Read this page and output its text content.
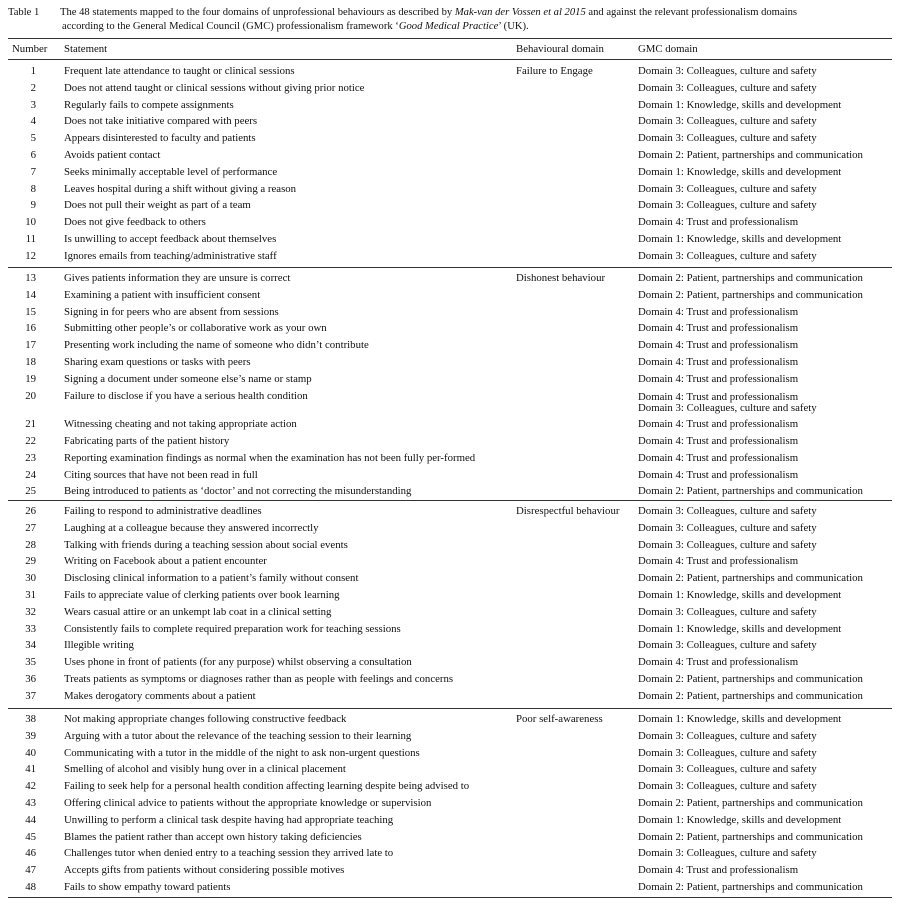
Table 1 The 48 statements mapped to the four domains of unprofessional behaviours as described by Mak-van der Vossen et al 2015 and against the relevant professionalism domains
according to the General Medical Council (GMC) professionalism framework ‘Good Medical Practice’ (UK).
Number Statement	Behavioural domain	GMC domain
1	Frequent late attendance to taught or clinical sessions	Failure to Engage	Domain 3: Colleagues, culture and safety
2	Does not attend taught or clinical sessions without giving prior notice	Domain 3: Colleagues, culture and safety
3	Regularly fails to compete assignments	Domain 1: Knowledge, skills and development
4	Does not take initiative compared with peers	Domain 3: Colleagues, culture and safety
5	Appears disinterested to faculty and patients	Domain 3: Colleagues, culture and safety
6	Avoids patient contact	Domain 2: Patient, partnerships and communication
7	Seeks minimally acceptable level of performance	Domain 1: Knowledge, skills and development
8	Leaves hospital during a shift without giving a reason	Domain 3: Colleagues, culture and safety
9	Does not pull their weight as part of a team	Domain 3: Colleagues, culture and safety
10	Does not give feedback to others	Domain 4: Trust and professionalism
11	Is unwilling to accept feedback about themselves	Domain 1: Knowledge, skills and development
12	Ignores emails from teaching/administrative staff	Domain 3: Colleagues, culture and safety
13	Gives patients information they are unsure is correct	Dishonest behaviour	Domain 2: Patient, partnerships and communication
14	Examining a patient with insufficient consent	Domain 2: Patient, partnerships and communication
15	Signing in for peers who are absent from sessions	Domain 4: Trust and professionalism
16	Submitting other people’s or collaborative work as your own	Domain 4: Trust and professionalism
17	Presenting work including the name of someone who didn’t contribute	Domain 4: Trust and professionalism
18	Sharing exam questions or tasks with peers	Domain 4: Trust and professionalism
19	Signing a document under someone else’s name or stamp	Domain 4: Trust and professionalism
20	Failure to disclose if you have a serious health condition	Domain 4: Trust and professionalism
Domain 3: Colleagues, culture and safety
21	Witnessing cheating and not taking appropriate action	Domain 4: Trust and professionalism
22	Fabricating parts of the patient history	Domain 4: Trust and professionalism
23	Reporting examination findings as normal when the examination has not been fully per-formed	Domain 4: Trust and professionalism
24	Citing sources that have not been read in full	Domain 4: Trust and professionalism
25	Being introduced to patients as ‘doctor’ and not correcting the misunderstanding	Domain 2: Patient, partnerships and communication
26	Failing to respond to administrative deadlines	Disrespectful behaviour Domain 3: Colleagues, culture and safety
27	Laughing at a colleague because they answered incorrectly	Domain 3: Colleagues, culture and safety
28	Talking with friends during a teaching session about social events	Domain 3: Colleagues, culture and safety
29	Writing on Facebook about a patient encounter	Domain 4: Trust and professionalism
30	Disclosing clinical information to a patient’s family without consent	Domain 2: Patient, partnerships and communication
31	Fails to appreciate value of clerking patients over book learning	Domain 1: Knowledge, skills and development
32	Wears casual attire or an unkempt lab coat in a clinical setting	Domain 3: Colleagues, culture and safety
33	Consistently fails to complete required preparation work for teaching sessions	Domain 1: Knowledge, skills and development
34	Illegible writing	Domain 3: Colleagues, culture and safety
35	Uses phone in front of patients (for any purpose) whilst observing a consultation	Domain 4: Trust and professionalism
36	Treats patients as symptoms or diagnoses rather than as people with feelings and concerns	Domain 2: Patient, partnerships and communication
37	Makes derogatory comments about a patient	Domain 2: Patient, partnerships and communication
38	Not making appropriate changes following constructive feedback	Poor self-awareness	Domain 1: Knowledge, skills and development
39	Arguing with a tutor about the relevance of the teaching session to their learning	Domain 3: Colleagues, culture and safety
40	Communicating with a tutor in the middle of the night to ask non-urgent questions	Domain 3: Colleagues, culture and safety
41	Smelling of alcohol and visibly hung over in a clinical placement	Domain 3: Colleagues, culture and safety
42	Failing to seek help for a personal health condition affecting learning despite being advised to	Domain 3: Colleagues, culture and safety
43	Offering clinical advice to patients without the appropriate knowledge or supervision	Domain 2: Patient, partnerships and communication
44	Unwilling to perform a clinical task despite having had appropriate teaching	Domain 1: Knowledge, skills and development
45	Blames the patient rather than accept own history taking deficiencies	Domain 2: Patient, partnerships and communication
46	Challenges tutor when denied entry to a teaching session they arrived late to	Domain 3: Colleagues, culture and safety
47	Accepts gifts from patients without considering possible motives	Domain 4: Trust and professionalism
48	Fails to show empathy toward patients	Domain 2: Patient, partnerships and communication
